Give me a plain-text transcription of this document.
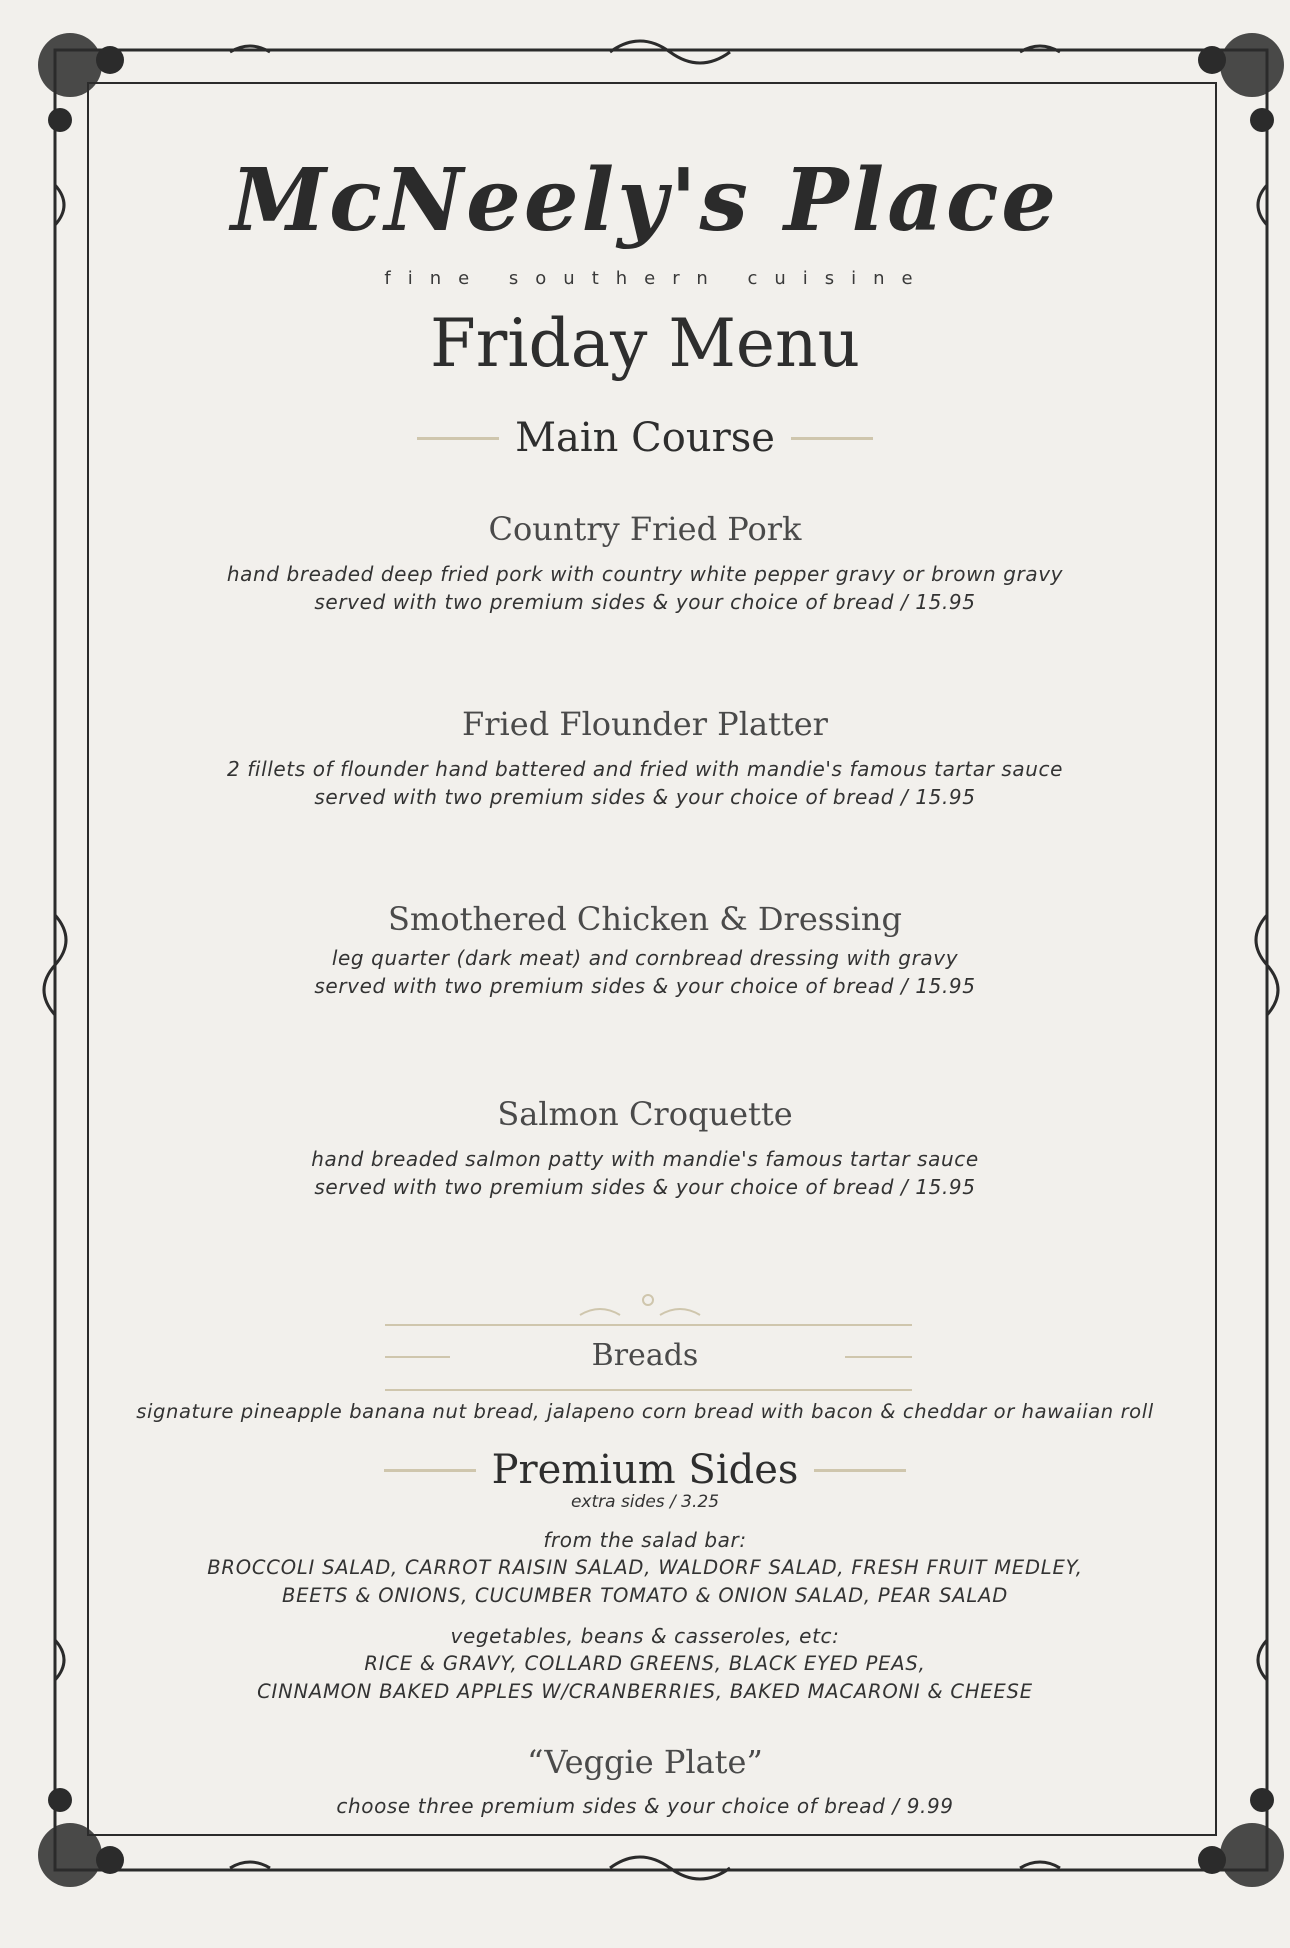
McNeely's Place
fine southern cuisine
Friday Menu
Main Course
Country Fried Pork
hand breaded deep fried pork with country white pepper gravy or brown gravy
served with two premium sides & your choice of bread / 15.95
Fried Flounder Platter
2 fillets of flounder hand battered and fried with mandie's famous tartar sauce
served with two premium sides & your choice of bread / 15.95
Smothered Chicken & Dressing
leg quarter (dark meat) and cornbread dressing with gravy
served with two premium sides & your choice of bread / 15.95
Salmon Croquette
hand breaded salmon patty with mandie's famous tartar sauce
served with two premium sides & your choice of bread / 15.95
Breads
signature pineapple banana nut bread, jalapeno corn bread with bacon & cheddar or hawaiian roll
Premium Sides
extra sides / 3.25
from the salad bar:
BROCCOLI SALAD, CARROT RAISIN SALAD, WALDORF SALAD, FRESH FRUIT MEDLEY,
BEETS & ONIONS, CUCUMBER TOMATO & ONION SALAD, PEAR SALAD
vegetables, beans & casseroles, etc:
RICE & GRAVY, COLLARD GREENS, BLACK EYED PEAS,
CINNAMON BAKED APPLES W/CRANBERRIES, BAKED MACARONI & CHEESE
“Veggie Plate”
choose three premium sides & your choice of bread / 9.99
